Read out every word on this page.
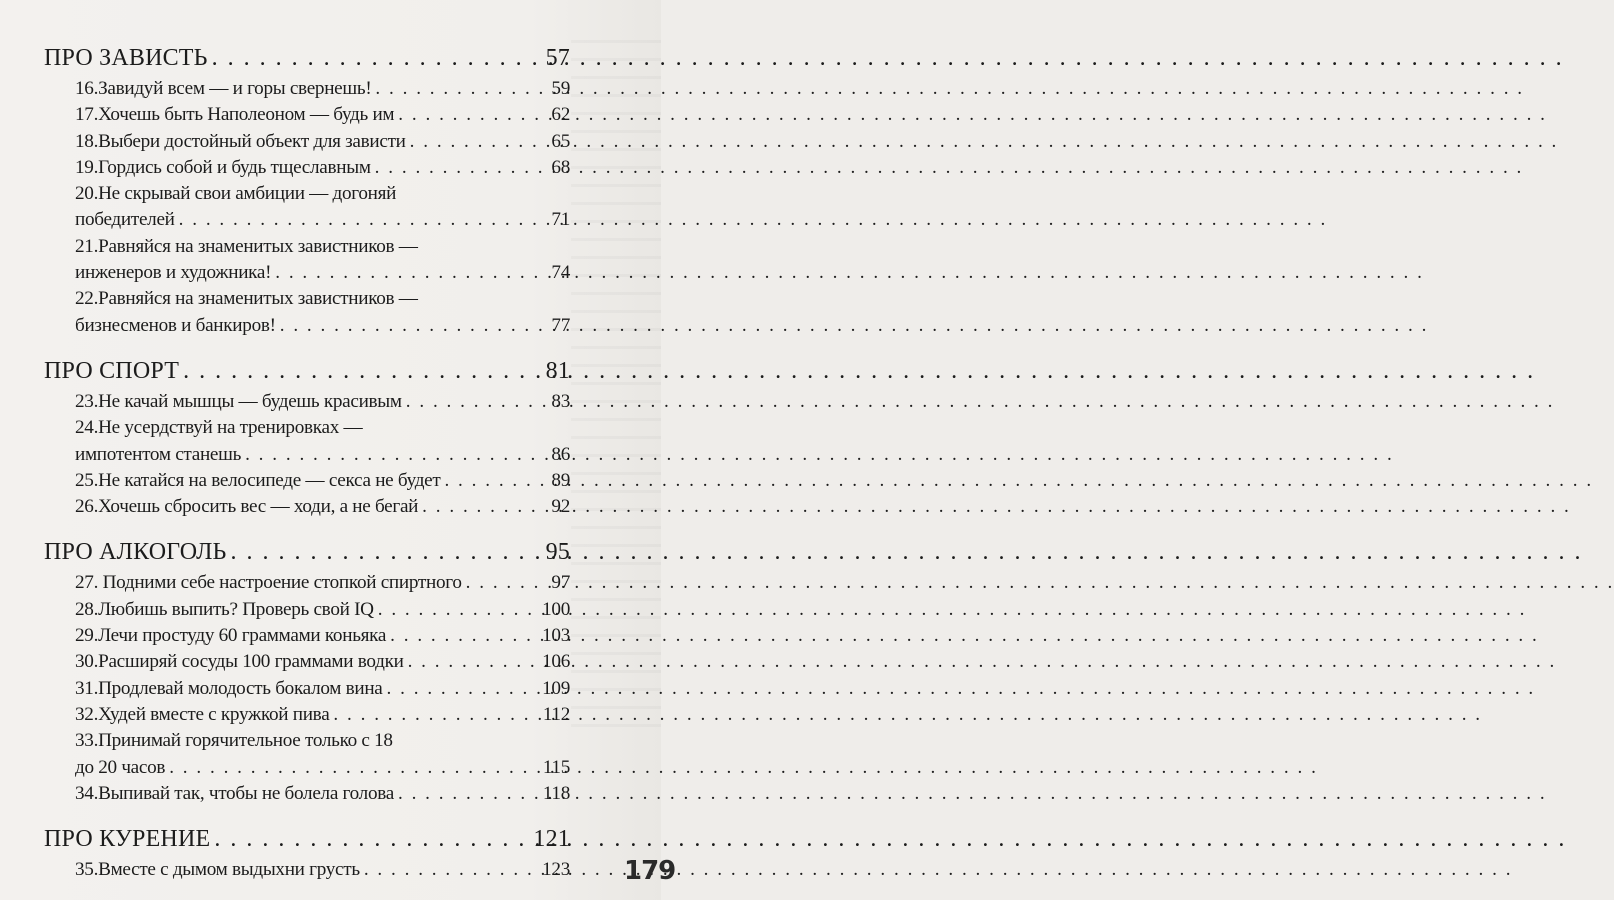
ПРО ЗАВИСТЬ . . .	57
16.Завидуй всем — и горы свернешь! . . .	59
17.Хочешь быть Наполеоном — будь им . . .	62
18.Выбери достойный объект для зависти . . .	65
19.Гордись собой и будь тщеславным . . .	68
20.Не скрывай свои амбиции — догоняй
победителей . . .	71
21.Равняйся на знаменитых завистников —
инженеров и художника! . . .	74
22.Равняйся на знаменитых завистников —
бизнесменов и банкиров! . . .	77
ПРО СПОРТ . . .	81
23.Не качай мышцы — будешь красивым . . .	83
24.Не усердствуй на тренировках —
импотентом станешь . . .	86
25.Не катайся на велосипеде — секса не будет . . .	89
26.Хочешь сбросить вес — ходи, а не бегай . . .	92
ПРО АЛКОГОЛЬ . . .	95
27. Подними себе настроение стопкой спиртного . . .	97
28.Любишь выпить? Проверь свой IQ . . .	100
29.Лечи простуду 60 граммами коньяка . . .	103
30.Расширяй сосуды 100 граммами водки . . .	106
31.Продлевай молодость бокалом вина . . .	109
32.Худей вместе с кружкой пива . . .	112
33.Принимай горячительное только с 18
до 20 часов . . .	115
34.Выпивай так, чтобы не болела голова . . .	118
ПРО КУРЕНИЕ . . .	121
35.Вместе с дымом выдыхни грусть . . .	123 179
